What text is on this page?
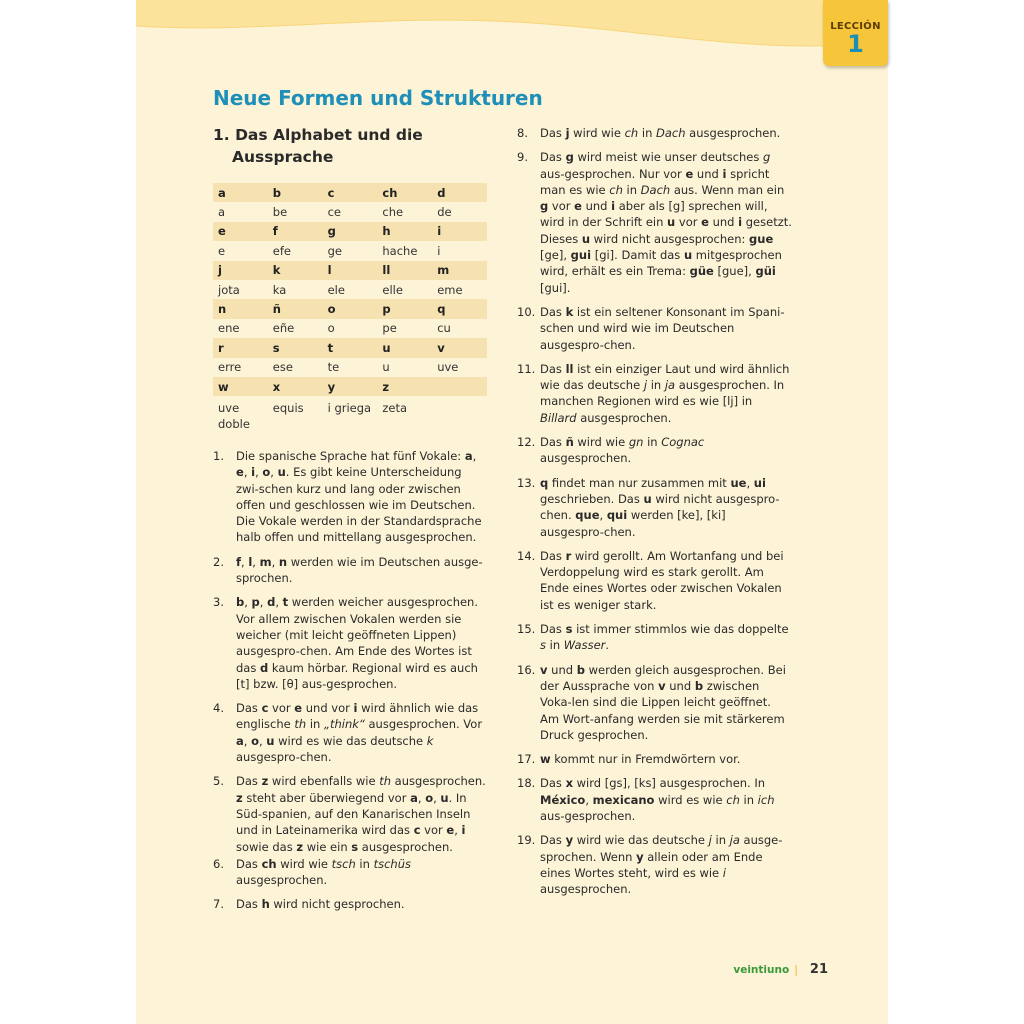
LECCIÓN
1
Neue Formen und Strukturen
1. Das Alphabet und die
Aussprache
a	b	c	ch	d
a	be	ce	che	de
e	f	g	h	i
e	efe	ge	hache	i
j	k	l	ll	m
jota	ka	ele	elle	eme
n	ñ	o	p	q
ene	eñe	o	pe	cu
r	s	t	u	v
erre	ese	te	u	uve
w	x	y	z	
uve doble	equis	i griega	zeta	
1. Die spanische Sprache hat fünf Vokale: a, e, i, o, u. Es gibt keine Unterscheidung zwi-schen kurz und lang oder zwischen offen und geschlossen wie im Deutschen. Die Vokale werden in der Standardsprache halb offen und mittellang ausgesprochen.
2. f, l, m, n werden wie im Deutschen ausge-sprochen.
3. b, p, d, t werden weicher ausgesprochen. Vor allem zwischen Vokalen werden sie weicher (mit leicht geöffneten Lippen) ausgespro-chen. Am Ende des Wortes ist das d kaum hörbar. Regional wird es auch [t] bzw. [θ] aus-gesprochen.
4. Das c vor e und vor i wird ähnlich wie das englische th in „think“ ausgesprochen. Vor a, o, u wird es wie das deutsche k ausgespro-chen.
5. Das z wird ebenfalls wie th ausgesprochen. z steht aber überwiegend vor a, o, u. In Süd-spanien, auf den Kanarischen Inseln und in Lateinamerika wird das c vor e, i sowie das z wie ein s ausgesprochen.
6. Das ch wird wie tsch in tschüs ausgesprochen.
7. Das h wird nicht gesprochen.
8. Das j wird wie ch in Dach ausgesprochen.
9. Das g wird meist wie unser deutsches g aus-gesprochen. Nur vor e und i spricht man es wie ch in Dach aus. Wenn man ein g vor e und i aber als [g] sprechen will, wird in der Schrift ein u vor e und i gesetzt. Dieses u wird nicht ausgesprochen: gue [ge], gui [gi]. Damit das u mitgesprochen wird, erhält es ein Trema: güe [gue], güi [gui].
10. Das k ist ein seltener Konsonant im Spani-schen und wird wie im Deutschen ausgespro-chen.
11. Das ll ist ein einziger Laut und wird ähnlich wie das deutsche j in ja ausgesprochen. In manchen Regionen wird es wie [lj] in Billard ausgesprochen.
12. Das ñ wird wie gn in Cognac ausgesprochen.
13. q findet man nur zusammen mit ue, ui geschrieben. Das u wird nicht ausgespro-chen. que, qui werden [ke], [ki] ausgespro-chen.
14. Das r wird gerollt. Am Wortanfang und bei Verdoppelung wird es stark gerollt. Am Ende eines Wortes oder zwischen Vokalen ist es weniger stark.
15. Das s ist immer stimmlos wie das doppelte s in Wasser.
16. v und b werden gleich ausgesprochen. Bei der Aussprache von v und b zwischen Voka-len sind die Lippen leicht geöffnet. Am Wort-anfang werden sie mit stärkerem Druck gesprochen.
17. w kommt nur in Fremdwörtern vor.
18. Das x wird [gs], [ks] ausgesprochen. In México, mexicano wird es wie ch in ich aus-gesprochen.
19. Das y wird wie das deutsche j in ja ausge-sprochen. Wenn y allein oder am Ende eines Wortes steht, wird es wie i ausgesprochen.
veintiuno | 21
